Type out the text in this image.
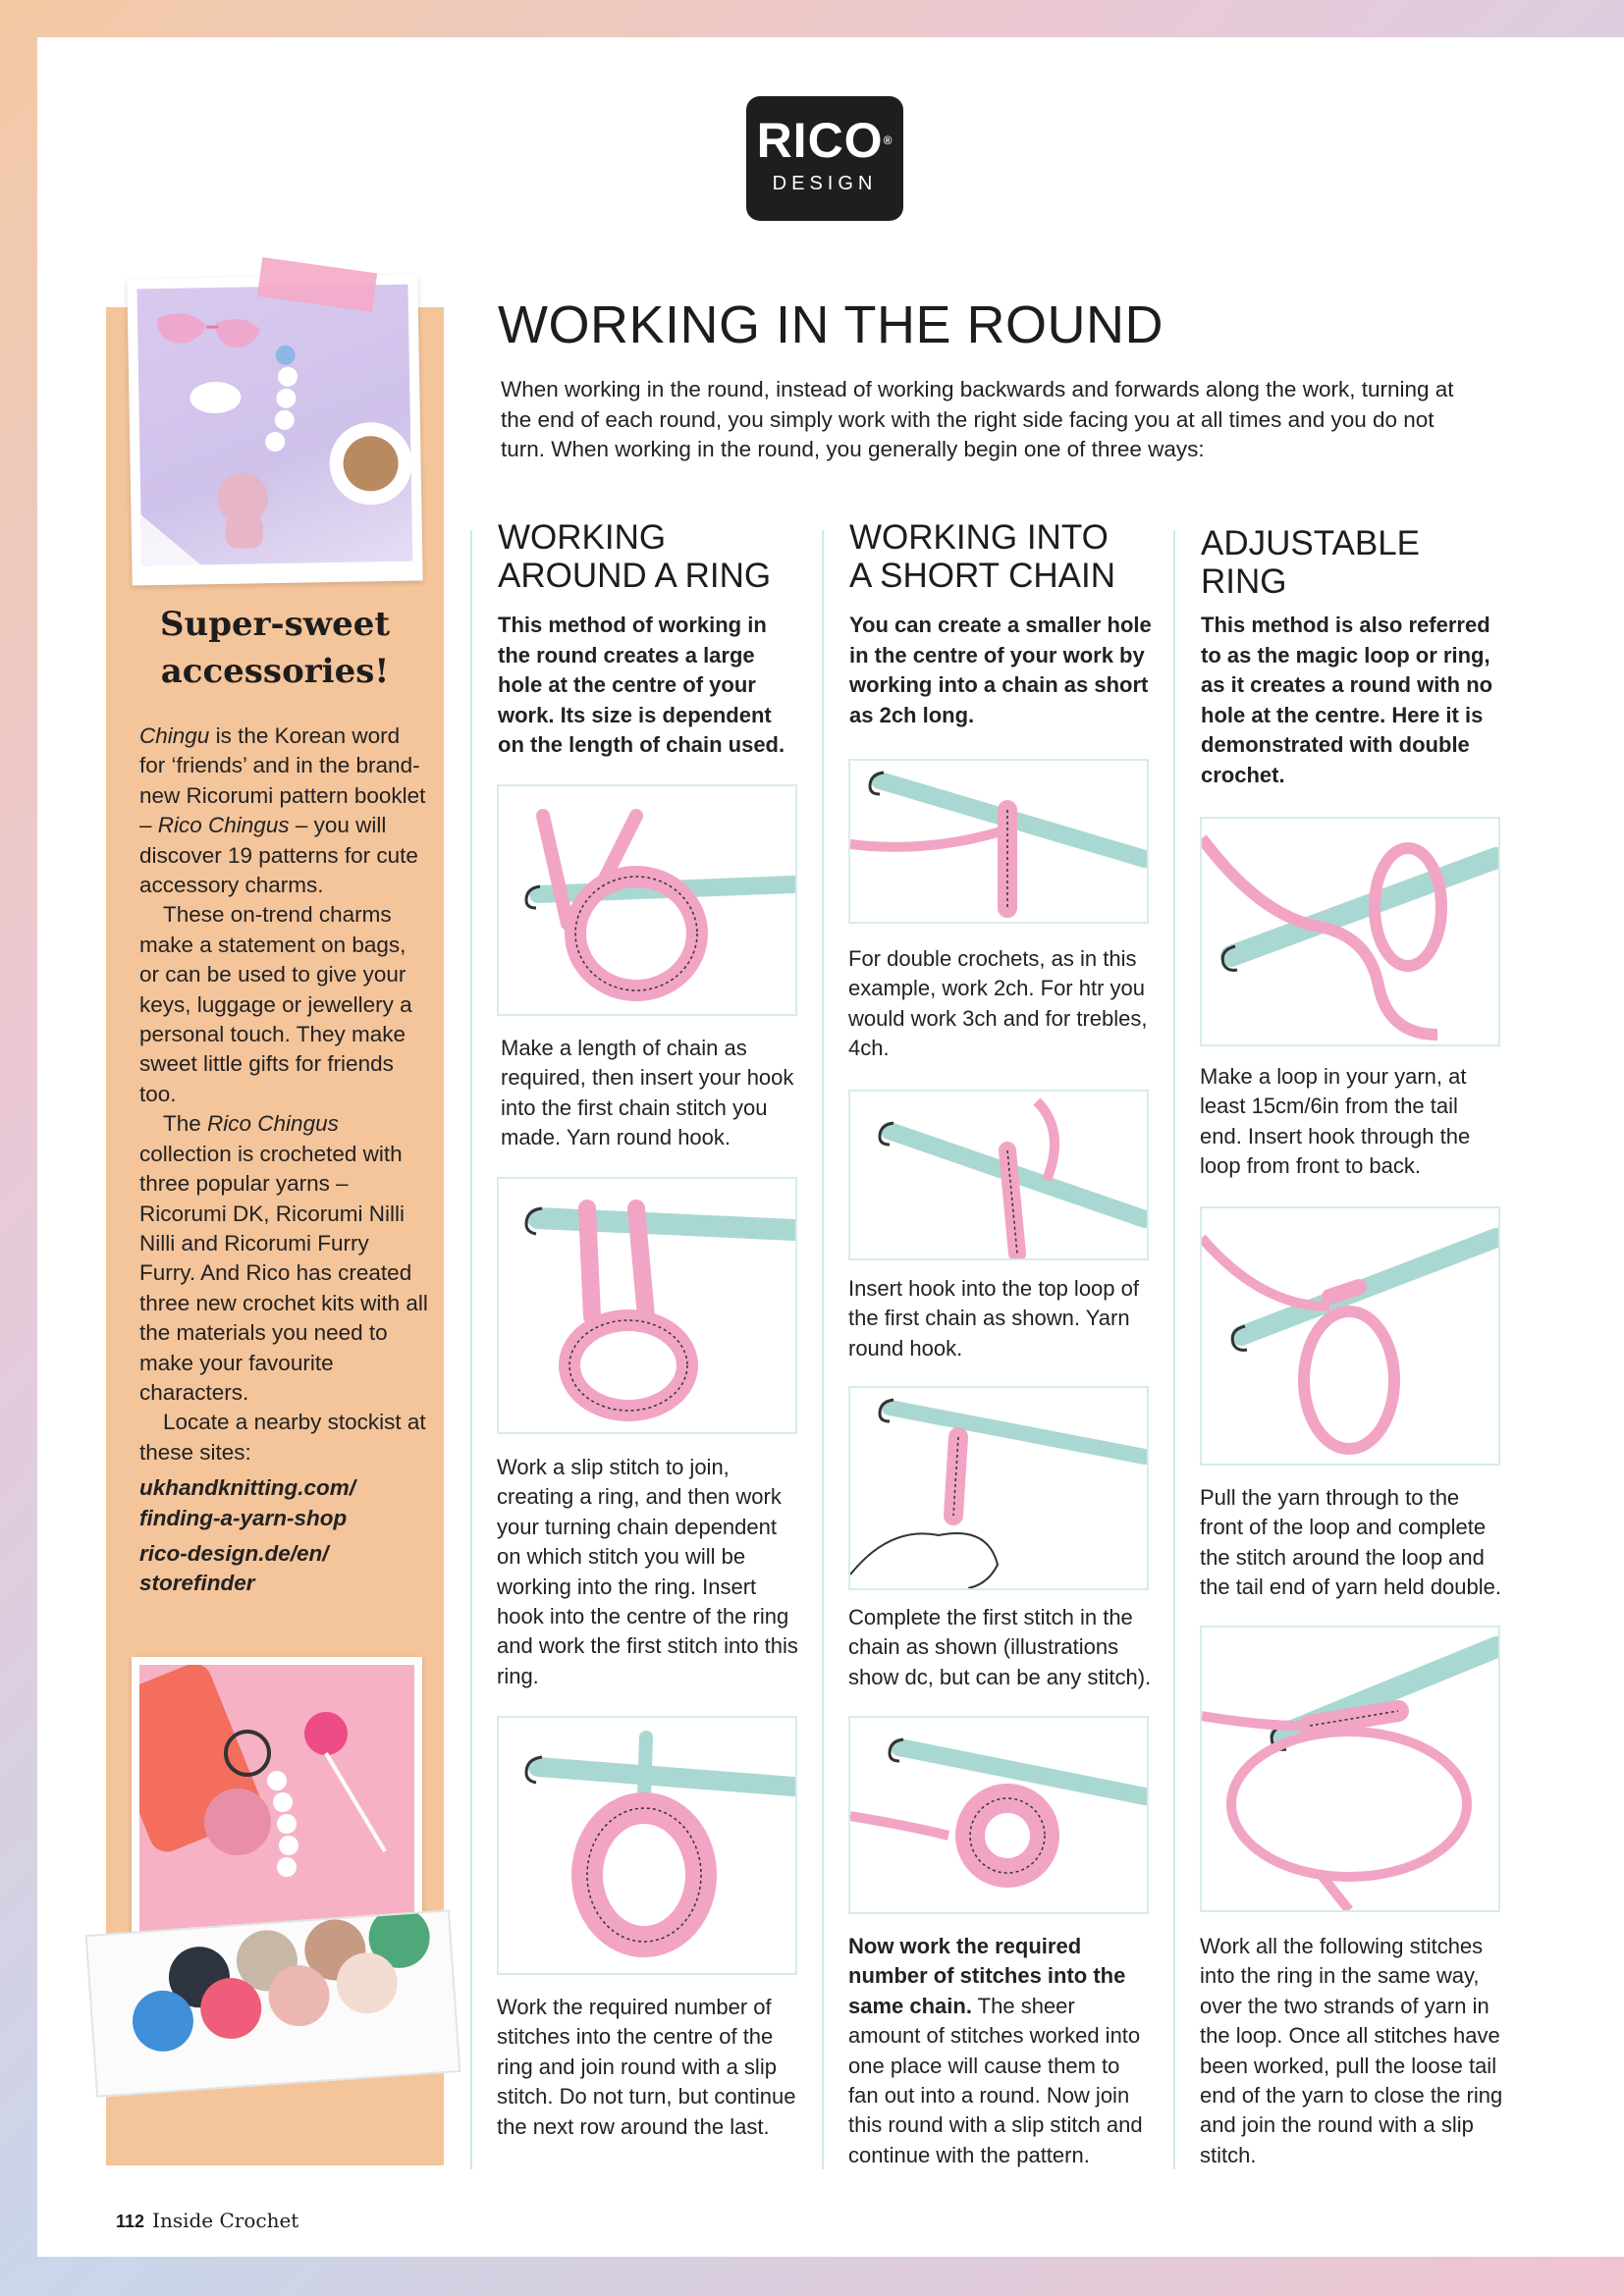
RICO®
DESIGN
Super-sweet
accessories!

Chingu is the Korean word for ‘friends’ and in the brand-new Ricorumi pattern booklet – Rico Chingus – you will discover 19 patterns for cute accessory charms.

These on-trend charms make a statement on bags, or can be used to give your keys, luggage or jewellery a personal touch. They make sweet little gifts for friends too.

The Rico Chingus collection is crocheted with three popular yarns – Ricorumi DK, Ricorumi Nilli Nilli and Ricorumi Furry Furry. And Rico has created three new crochet kits with all the materials you need to make your favourite characters.

Locate a nearby stockist at these sites:

ukhandknitting.com/
finding-a-yarn-shop

rico-design.de/en/
storefinder

WORKING IN THE ROUND
When working in the round, instead of working backwards and forwards along the work, turning at the end of each round, you simply work with the right side facing you at all times and you do not turn. When working in the round, you generally begin one of three ways:
WORKING
AROUND A RING
This method of working in the round creates a large hole at the centre of your work. Its size is dependent on the length of chain used.
Make a length of chain as required, then insert your hook into the first chain stitch you made. Yarn round hook.
Work a slip stitch to join, creating a ring, and then work your turning chain dependent on which stitch you will be working into the ring. Insert hook into the centre of the ring and work the first stitch into this ring.
Work the required number of stitches into the centre of the ring and join round with a slip stitch. Do not turn, but continue the next row around the last.
WORKING INTO
A SHORT CHAIN
You can create a smaller hole in the centre of your work by working into a chain as short as 2ch long.
For double crochets, as in this example, work 2ch. For htr you would work 3ch and for trebles, 4ch.
Insert hook into the top loop of the first chain as shown. Yarn round hook.
Complete the first stitch in the chain as shown (illustrations show dc, but can be any stitch).
Now work the required number of stitches into the same chain. The sheer amount of stitches worked into one place will cause them to fan out into a round. Now join this round with a slip stitch and continue with the pattern.
ADJUSTABLE RING
This method is also referred to as the magic loop or ring, as it creates a round with no hole at the centre. Here it is demonstrated with double crochet.
Make a loop in your yarn, at least 15cm/6in from the tail end. Insert hook through the loop from front to back.
Pull the yarn through to the front of the loop and complete the stitch around the loop and the tail end of yarn held double.
Work all the following stitches into the ring in the same way, over the two strands of yarn in the loop. Once all stitches have been worked, pull the loose tail end of the yarn to close the ring and join the round with a slip stitch.
112 Inside Crochet
